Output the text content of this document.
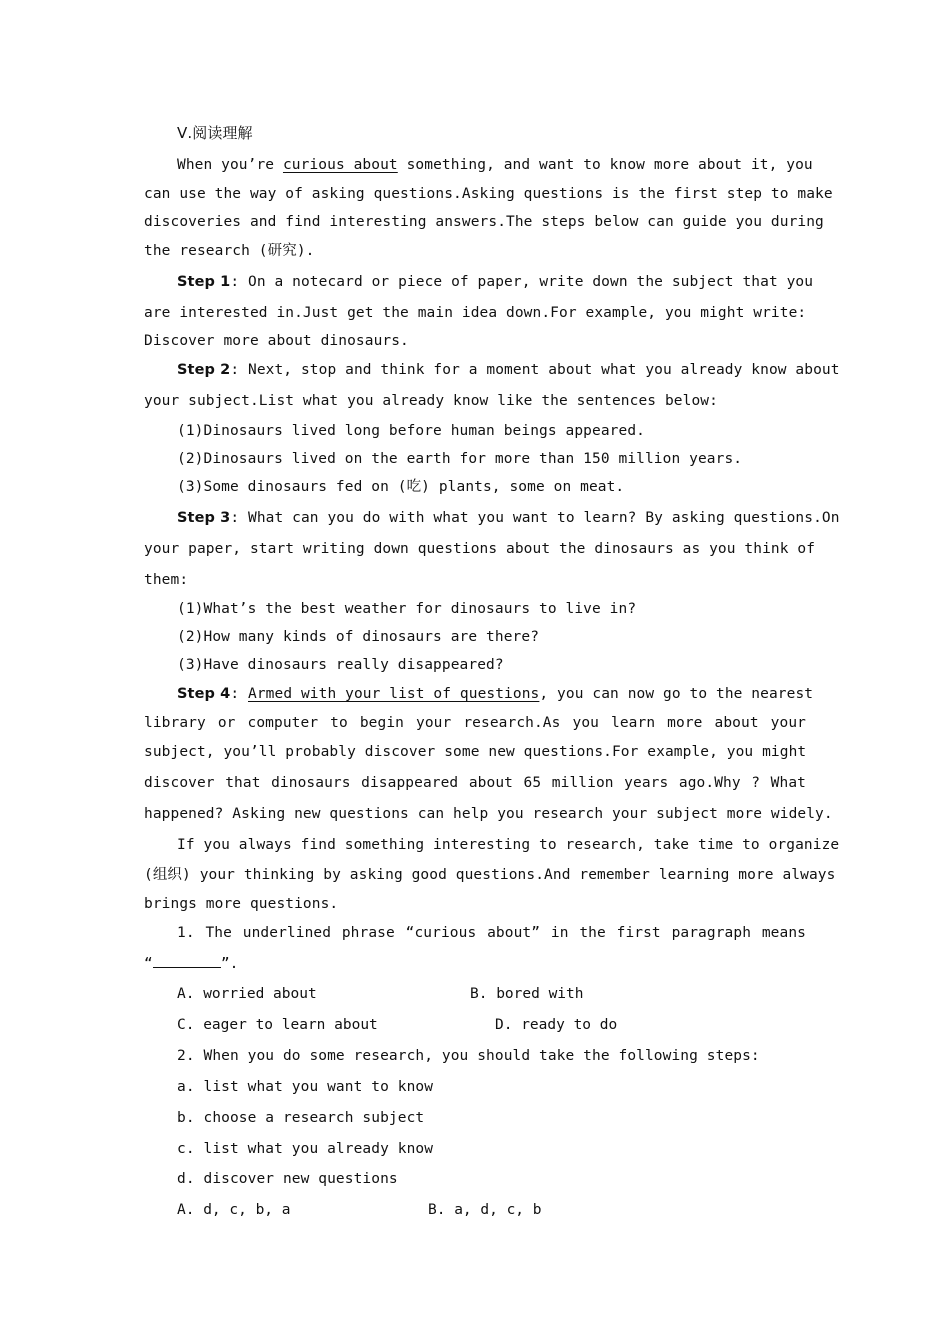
Ⅴ.阅读理解
When you’re curious about something, and want to know more about it, you
can use the way of asking questions.Asking questions is the first step to make
discoveries and find interesting answers.The steps below can guide you during
the research (研究).
Step 1: On a notecard or piece of paper, write down the subject that you
are interested in.Just get the main idea down.For example, you might write:
Discover more about dinosaurs.
Step 2: Next, stop and think for a moment about what you already know about
your subject.List what you already know like the sentences below:
(1)Dinosaurs lived long before human beings appeared.
(2)Dinosaurs lived on the earth for more than 150 million years.
(3)Some dinosaurs fed on (吃) plants, some on meat.
Step 3: What can you do with what you want to learn? By asking questions.On
your paper, start writing down questions about the dinosaurs as you think of
them:
(1)What’s the best weather for dinosaurs to live in?
(2)How many kinds of dinosaurs are there?
(3)Have dinosaurs really disappeared?
Step 4: Armed with your list of questions, you can now go to the nearest
library or computer to begin your research.As you learn more about your
subject, you’ll probably discover some new questions.For example, you might
discover that dinosaurs disappeared about 65 million years ago.Why ? What
happened? Asking new questions can help you research your subject more widely.
If you always find something interesting to research, take time to organize
(组织) your thinking by asking good questions.And remember learning more always
brings more questions.
1. The underlined phrase “curious about” in the first paragraph means
“	”.
A. worried about	B. bored with
C. eager to learn about	D. ready to do
2. When you do some research, you should take the following steps:
a. list what you want to know
b. choose a research subject
c. list what you already know
d. discover new questions
A. d, c, b, a	B. a, d, c, b
